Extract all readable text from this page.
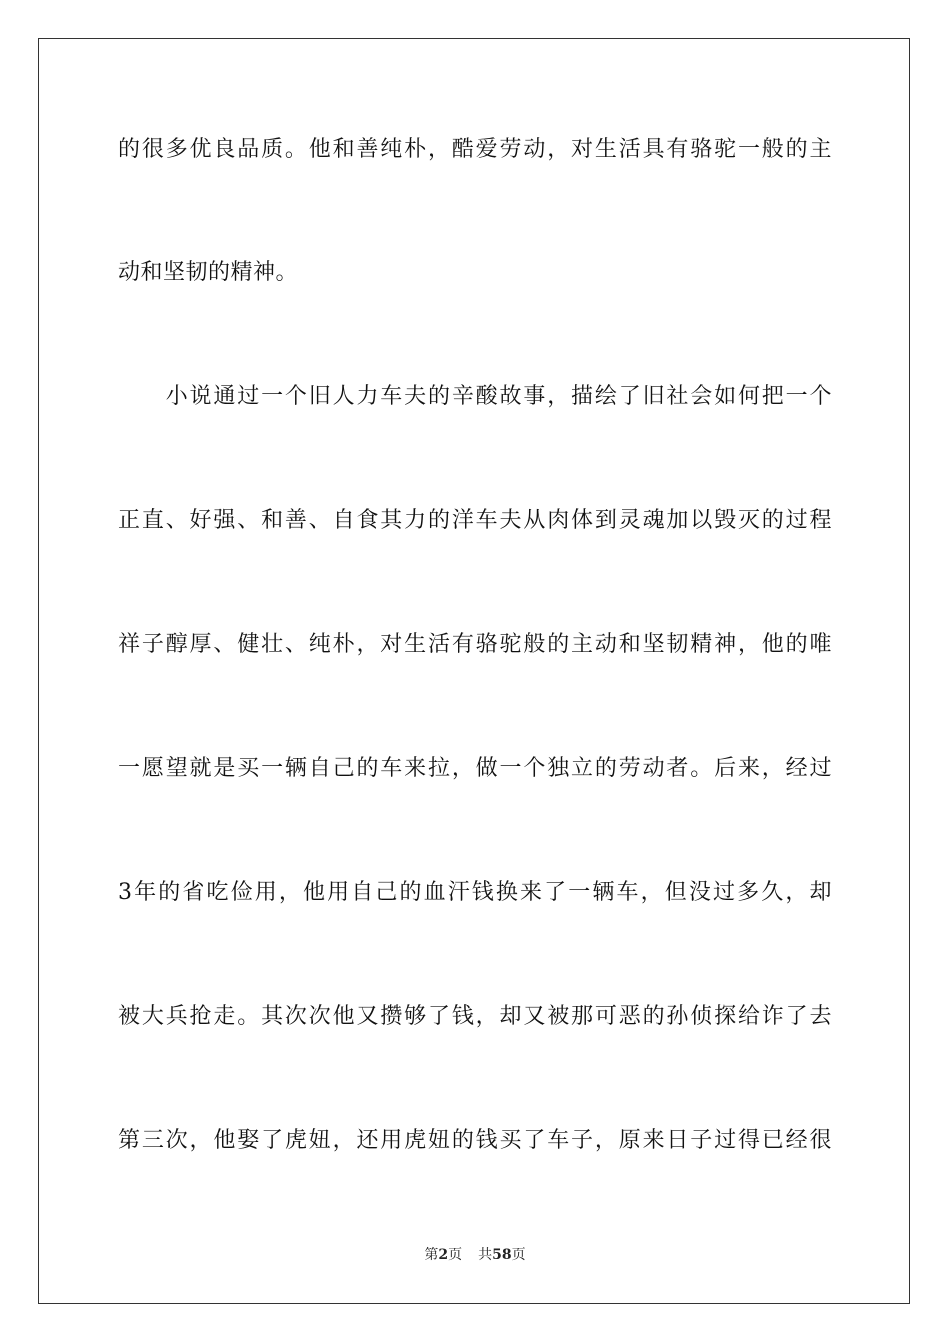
的很多优良品质。他和善纯朴，酷爱劳动，对生活具有骆驼一般的主
动和坚韧的精神。
　　小说通过一个旧人力车夫的辛酸故事，描绘了旧社会如何把一个
正直、好强、和善、自食其力的洋车夫从肉体到灵魂加以毁灭的过程
祥子醇厚、健壮、纯朴，对生活有骆驼般的主动和坚韧精神，他的唯
一愿望就是买一辆自己的车来拉，做一个独立的劳动者。后来，经过
3年的省吃俭用，他用自己的血汗钱换来了一辆车，但没过多久，却
被大兵抢走。其次次他又攒够了钱，却又被那可恶的孙侦探给诈了去
第三次，他娶了虎妞，还用虎妞的钱买了车子，原来日子过得已经很
第2页 共58页
